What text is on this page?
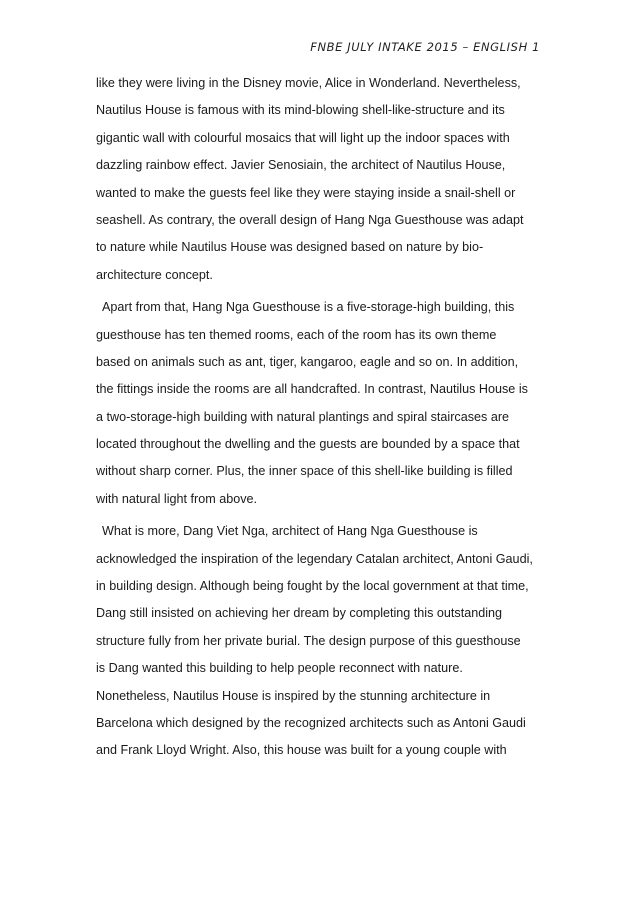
FNBE JULY INTAKE 2015 – ENGLISH 1
like they were living in the Disney movie, Alice in Wonderland. Nevertheless,
Nautilus House is famous with its mind-blowing shell-like-structure and its
gigantic wall with colourful mosaics that will light up the indoor spaces with
dazzling rainbow effect. Javier Senosiain, the architect of Nautilus House,
wanted to make the guests feel like they were staying inside a snail-shell or
seashell. As contrary, the overall design of Hang Nga Guesthouse was adapt
to nature while Nautilus House was designed based on nature by bio-
architecture concept.
Apart from that, Hang Nga Guesthouse is a five-storage-high building, this
guesthouse has ten themed rooms, each of the room has its own theme
based on animals such as ant, tiger, kangaroo, eagle and so on. In addition,
the fittings inside the rooms are all handcrafted. In contrast, Nautilus House is
a two-storage-high building with natural plantings and spiral staircases are
located throughout the dwelling and the guests are bounded by a space that
without sharp corner. Plus, the inner space of this shell-like building is filled
with natural light from above.
What is more, Dang Viet Nga, architect of Hang Nga Guesthouse is
acknowledged the inspiration of the legendary Catalan architect, Antoni Gaudi,
in building design. Although being fought by the local government at that time,
Dang still insisted on achieving her dream by completing this outstanding
structure fully from her private burial. The design purpose of this guesthouse
is Dang wanted this building to help people reconnect with nature.
Nonetheless, Nautilus House is inspired by the stunning architecture in
Barcelona which designed by the recognized architects such as Antoni Gaudi
and Frank Lloyd Wright. Also, this house was built for a young couple with
